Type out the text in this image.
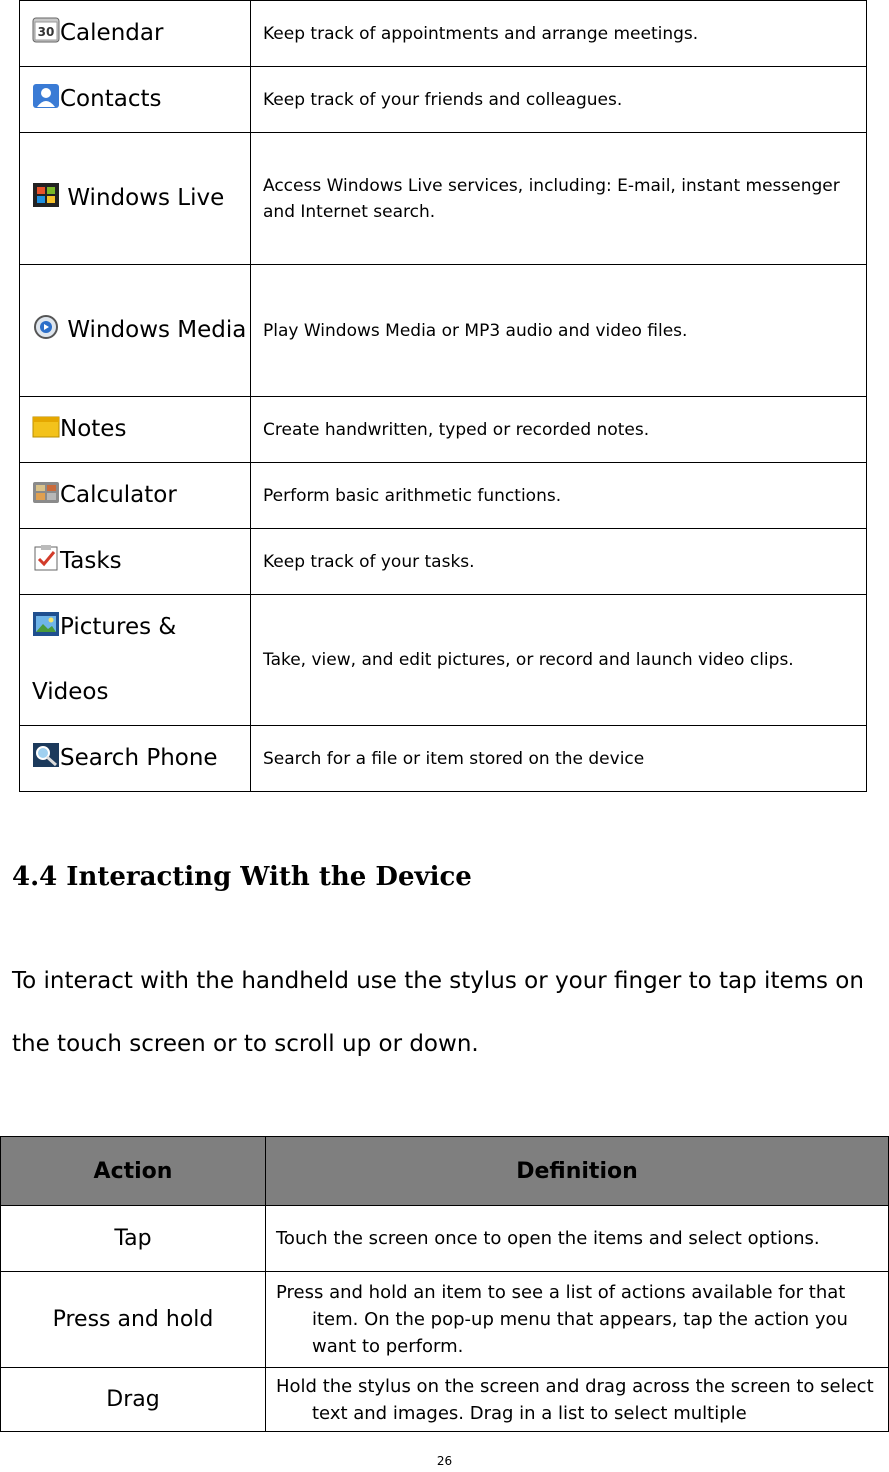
30 Calendar	Keep track of appointments and arrange meetings.
Contacts	Keep track of your friends and colleagues.

Windows Live	Access Windows Live services, including: E-mail, instant messenger and Internet search.

Windows Media	Play Windows Media or MP3 audio and video files.
Notes	Create handwritten, typed or recorded notes.
Calculator	Perform basic arithmetic functions.
Tasks	Keep track of your tasks.

Pictures & Videos	Take, view, and edit pictures, or record and launch video clips.
Search Phone	Search for a file or item stored on the device
4.4 Interacting With the Device

To interact with the handheld use the stylus or your finger to tap items on the touch screen or to scroll up or down.

Action	Definition
Tap	Touch the screen once to open the items and select options.
Press and hold	Press and hold an item to see a list of actions available for that item. On the pop-up menu that appears, tap the action you want to perform.

Drag	Hold the stylus on the screen and drag across the screen to select text and images. Drag in a list to select multiple
26
